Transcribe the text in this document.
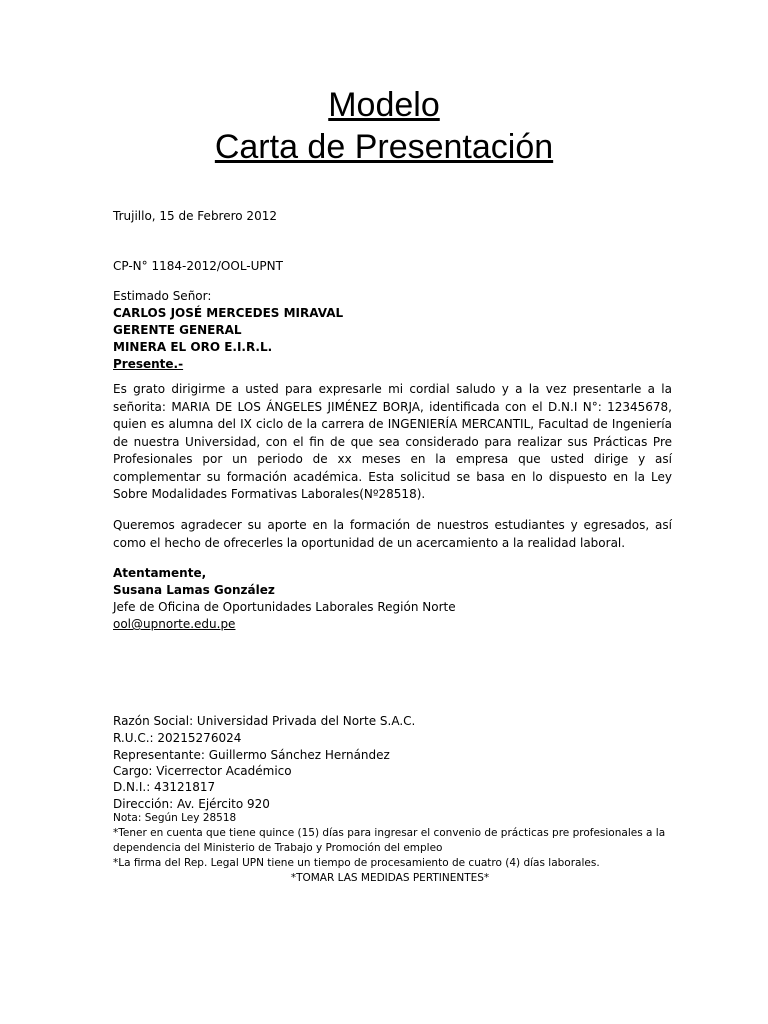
Modelo
Carta de Presentación
Trujillo, 15 de Febrero 2012
CP-N° 1184-2012/OOL-UPNT
Estimado Señor:
CARLOS JOSÉ MERCEDES MIRAVAL
GERENTE GENERAL
MINERA EL ORO E.I.R.L.
Presente.-
Es grato dirigirme a usted para expresarle mi cordial saludo y a la vez presentarle a la señorita: MARIA DE LOS ÁNGELES JIMÉNEZ BORJA, identificada con el D.N.I N°: 12345678, quien es alumna del IX ciclo de la carrera de INGENIERÍA MERCANTIL, Facultad de Ingeniería de nuestra Universidad, con el fin de que sea considerado para realizar sus Prácticas Pre Profesionales por un periodo de xx meses en la empresa que usted dirige y así complementar su formación académica. Esta solicitud se basa en lo dispuesto en la Ley Sobre Modalidades Formativas Laborales(Nº28518).
Queremos agradecer su aporte en la formación de nuestros estudiantes y egresados, así como el hecho de ofrecerles la oportunidad de un acercamiento a la realidad laboral.
Atentamente,
Susana Lamas González
Jefe de Oficina de Oportunidades Laborales Región Norte
ool@upnorte.edu.pe
Razón Social: Universidad Privada del Norte S.A.C.
R.U.C.: 20215276024
Representante: Guillermo Sánchez Hernández
Cargo: Vicerrector Académico
D.N.I.: 43121817
Dirección: Av. Ejército 920
Nota: Según Ley 28518
*Tener en cuenta que tiene quince (15) días para ingresar el convenio de prácticas pre profesionales a la
dependencia del Ministerio de Trabajo y Promoción del empleo
*La firma del Rep. Legal UPN tiene un tiempo de procesamiento de cuatro (4) días laborales.
*TOMAR LAS MEDIDAS PERTINENTES*
